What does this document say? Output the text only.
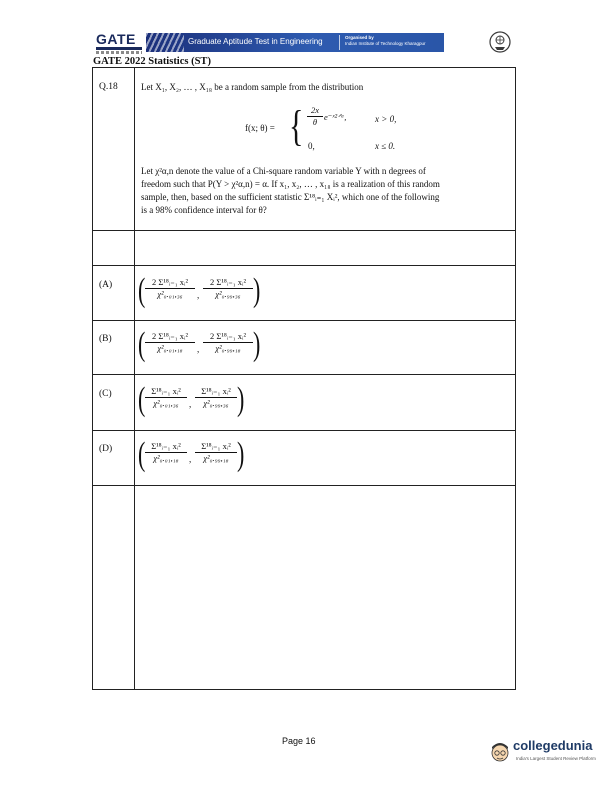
GATE	Graduate Aptitude Test in Engineering	Organised by
Indian Institute of Technology Kharagpur
GATE 2022 Statistics (ST)
Q.18	Let X₁, X₂, … , X₁₈ be a random sample from the distribution
f(x; θ) = { 2x
θ e⁻ˣ²ᐟᵅ,	x > 0,
0,	x ≤ 0.
Let χ²α,n denote the value of a Chi-square random variable Y with n degrees of
freedom such that P(Y > χ²α,n) = α. If x₁, x₂, … , x₁₈ is a realization of this random
sample, then, based on the sufficient statistic Σ¹⁸ᵢ₌₁ Xᵢ², which one of the following
is a 98% confidence interval for θ?
(A) ( 2 Σ¹⁸ᵢ₌₁ xᵢ²
χ²₀.₀₁,₃₆	,
2 Σ¹⁸ᵢ₌₁ xᵢ²
χ²₀.₉₉,₃₆ )
(B) ( 2 Σ¹⁸ᵢ₌₁ xᵢ²
χ²₀.₀₁,₁₈	,
2 Σ¹⁸ᵢ₌₁ xᵢ²
χ²₀.₉₉,₁₈ )
(C) ( Σ¹⁸ᵢ₌₁ xᵢ²
χ²₀.₀₁,₃₆	,
Σ¹⁸ᵢ₌₁ xᵢ²
χ²₀.₉₉,₃₆ )
(D) ( Σ¹⁸ᵢ₌₁ xᵢ²
χ²₀.₀₁,₁₈	,
Σ¹⁸ᵢ₌₁ xᵢ²
χ²₀.₉₉,₁₈ )
Page 16	collegedunia
India's Largest Student Review Platform
